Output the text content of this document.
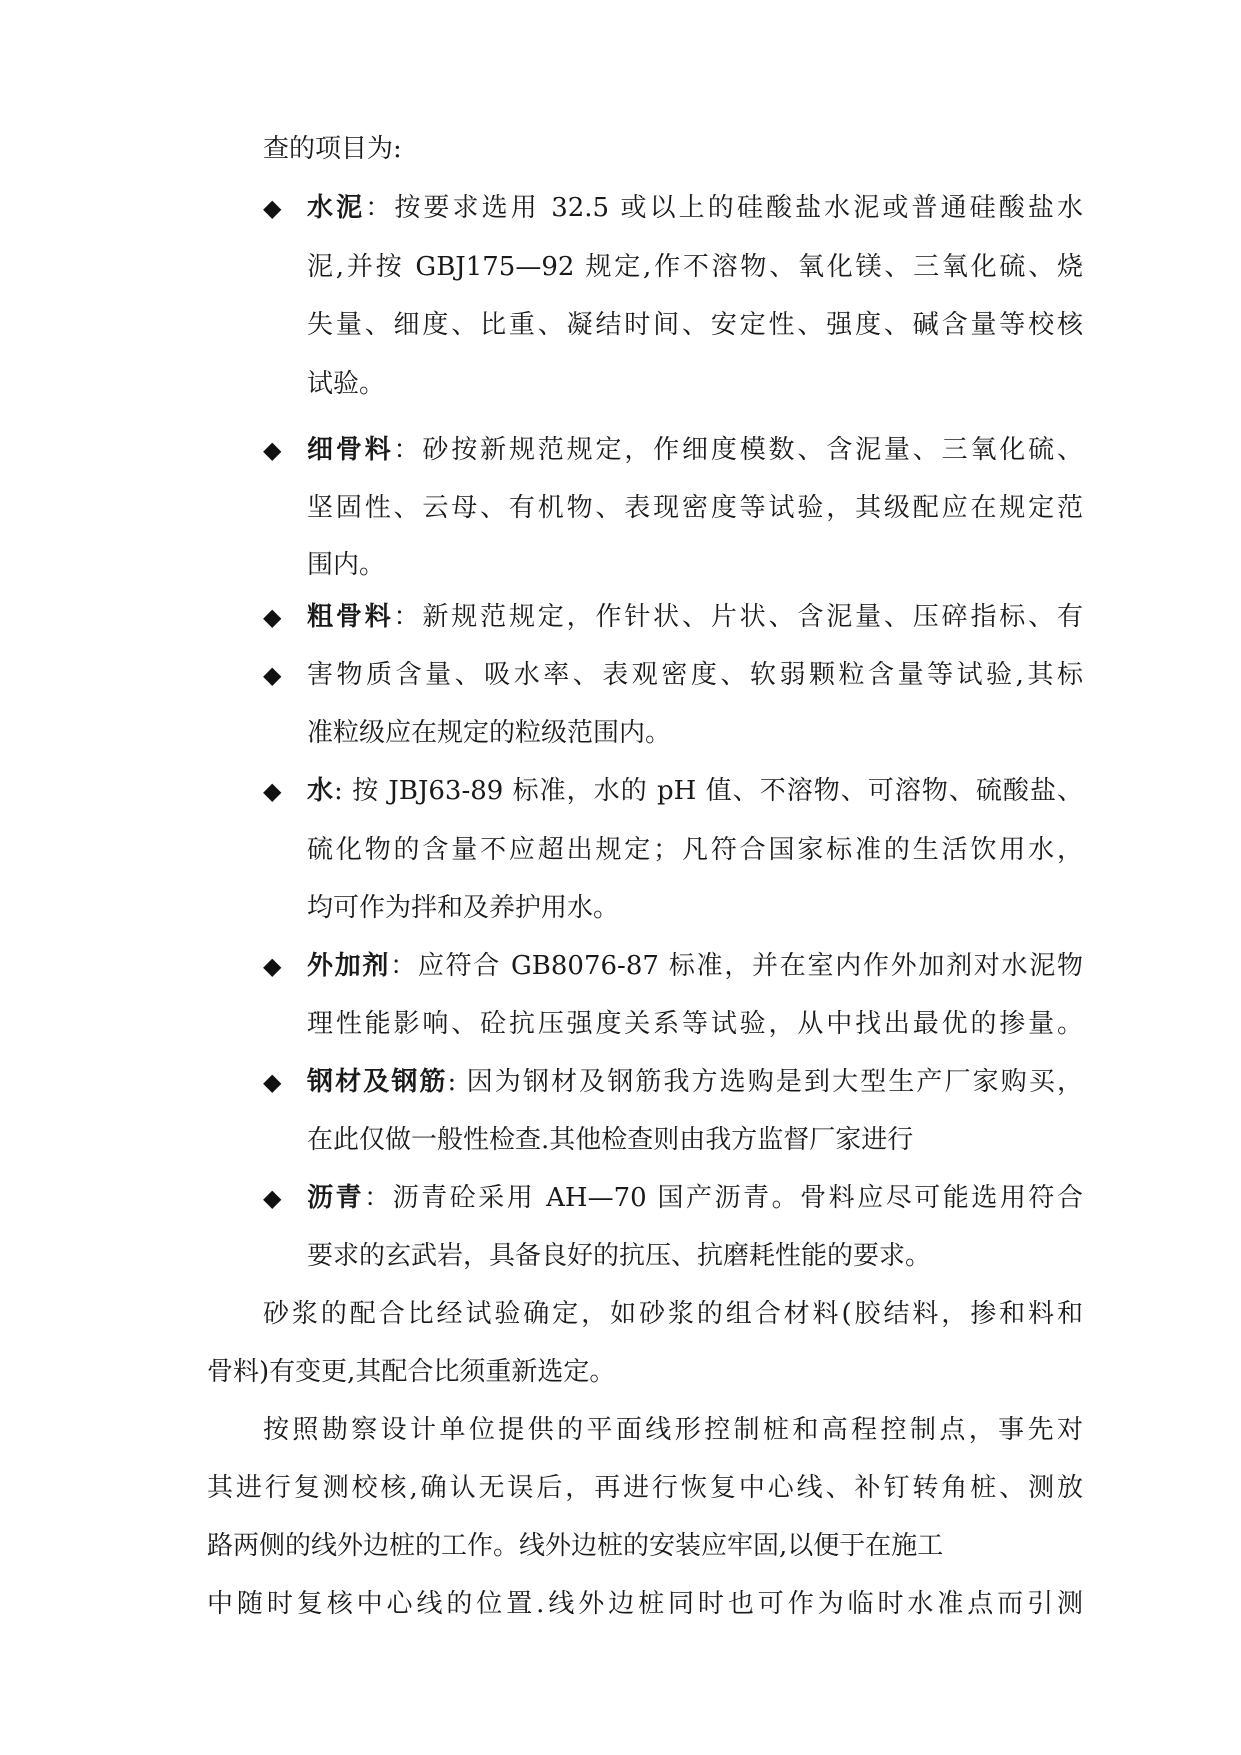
查的项目为:

◆ 水泥：按要求选用 32.5 或以上的硅酸盐水泥或普通硅酸盐水

泥,并按 GBJ175—92 规定,作不溶物、氧化镁、三氧化硫、烧

失量、细度、比重、凝结时间、安定性、强度、碱含量等校核

试验。

◆ 细骨料：砂按新规范规定，作细度模数、含泥量、三氧化硫、

坚固性、云母、有机物、表现密度等试验，其级配应在规定范

围内。

◆ 粗骨料：新规范规定，作针状、片状、含泥量、压碎指标、有

◆ 害物质含量、吸水率、表观密度、软弱颗粒含量等试验,其标

准粒级应在规定的粒级范围内。

◆ 水: 按 JBJ63-89 标准，水的 pH 值、不溶物、可溶物、硫酸盐、

硫化物的含量不应超出规定；凡符合国家标准的生活饮用水，

均可作为拌和及养护用水。

◆ 外加剂：应符合 GB8076-87 标准，并在室内作外加剂对水泥物

理性能影响、砼抗压强度关系等试验，从中找出最优的掺量。

◆ 钢材及钢筋: 因为钢材及钢筋我方选购是到大型生产厂家购买，

在此仅做一般性检查.其他检查则由我方监督厂家进行

◆ 沥青：沥青砼采用 AH—70 国产沥青。骨料应尽可能选用符合

要求的玄武岩，具备良好的抗压、抗磨耗性能的要求。

砂浆的配合比经试验确定，如砂浆的组合材料(胶结料，掺和料和

骨料)有变更,其配合比须重新选定。

按照勘察设计单位提供的平面线形控制桩和高程控制点，事先对

其进行复测校核,确认无误后，再进行恢复中心线、补钉转角桩、测放

路两侧的线外边桩的工作。线外边桩的安装应牢固,以便于在施工

中随时复核中心线的位置.线外边桩同时也可作为临时水准点而引测
